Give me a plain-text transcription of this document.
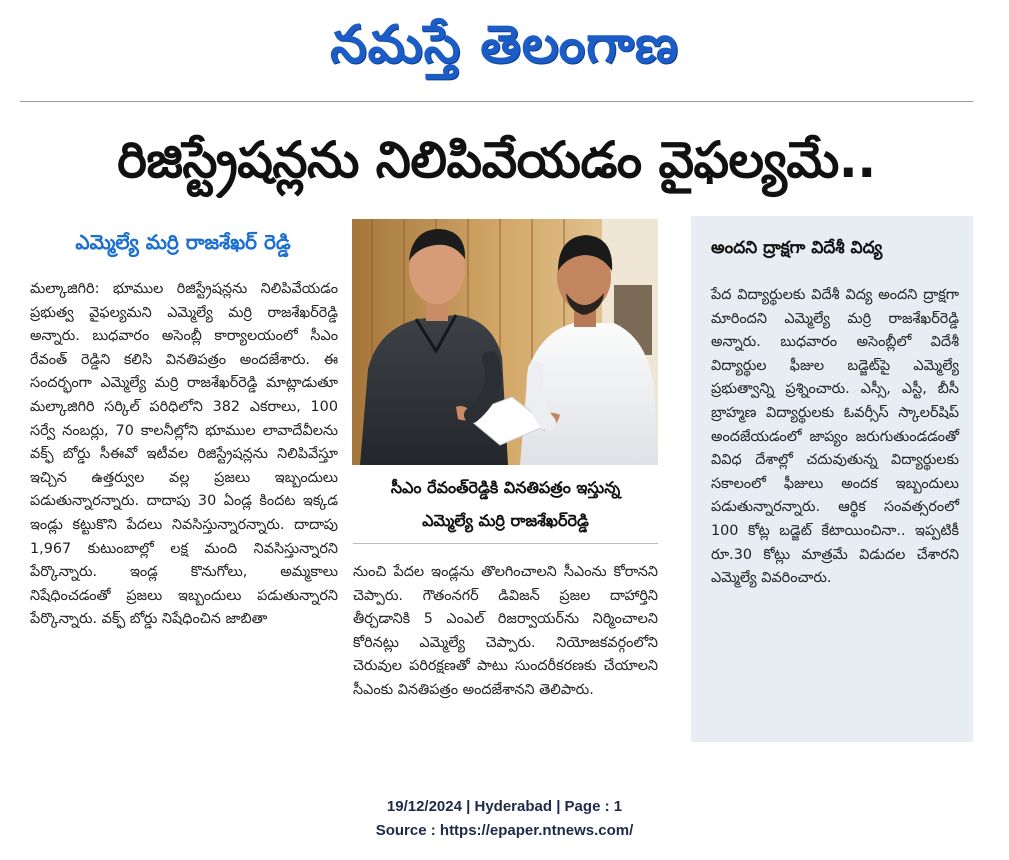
నమస్తే తెలంగాణ
రిజిస్ట్రేషన్లను నిలిపివేయడం వైఫల్యమే..
ఎమ్మెల్యే మర్రి రాజశేఖర్ రెడ్డి
మల్కాజిగిరి: భూముల రిజిస్ట్రేషన్లను నిలిపివేయడం ప్రభుత్వ వైఫల్యమని ఎమ్మెల్యే మర్రి రాజశేఖర్‌రెడ్డి అన్నారు. బుధవారం అసెంబ్లీ కార్యాలయంలో సీఎం రేవంత్ రెడ్డిని కలిసి వినతిపత్రం అందజేశారు. ఈ సందర్భంగా ఎమ్మెల్యే మర్రి రాజశేఖర్‌రెడ్డి మాట్లాడుతూ మల్కాజిగిరి సర్కిల్ పరిధిలోని 382 ఎకరాలు, 100 సర్వే నంబర్లు, 70 కాలనీల్లోని భూముల లావాదేవీలను వక్ఫ్ బోర్డు సీఈవో ఇటీవల రిజిస్ట్రేషన్లను నిలిపివేస్తూ ఇచ్చిన ఉత్తర్వుల వల్ల ప్రజలు ఇబ్బందులు పడుతున్నారన్నారు. దాదాపు 30 ఏండ్ల కిందట ఇక్కడ ఇండ్లు కట్టుకొని పేదలు నివసిస్తున్నారన్నారు. దాదాపు 1,967 కుటుంబాల్లో లక్ష మంది నివసిస్తున్నారని పేర్కొన్నారు. ఇండ్ల కొనుగోలు, అమ్మకాలు నిషేధించడంతో ప్రజలు ఇబ్బందులు పడుతున్నారని పేర్కొన్నారు. వక్ఫ్ బోర్డు నిషేధించిన జాబితా
సీఎం రేవంత్‌రెడ్డికి వినతిపత్రం ఇస్తున్న
ఎమ్మెల్యే మర్రి రాజశేఖర్‌రెడ్డి
నుంచి పేదల ఇండ్లను తొలగించాలని సీఎంను కోరానని చెప్పారు. గౌతంనగర్ డివిజన్ ప్రజల దాహార్తిని తీర్చడానికి 5 ఎంఎల్ రిజర్వాయర్‌ను నిర్మించాలని కోరినట్లు ఎమ్మెల్యే చెప్పారు. నియోజకవర్గంలోని చెరువుల పరిరక్షణతో పాటు సుందరీకరణకు చేయాలని సీఎంకు వినతిపత్రం అందజేశానని తెలిపారు.
అందని ద్రాక్షగా విదేశీ విద్య
పేద విద్యార్థులకు విదేశీ విద్య అందని ద్రాక్షగా మారిందని ఎమ్మెల్యే మర్రి రాజశేఖర్‌రెడ్డి అన్నారు. బుధవారం అసెంబ్లీలో విదేశీ విద్యార్థుల ఫీజుల బడ్జెట్‌పై ఎమ్మెల్యే ప్రభుత్వాన్ని ప్రశ్నించారు. ఎస్సీ, ఎస్టీ, బీసీ బ్రాహ్మణ విద్యార్థులకు ఓవర్సీస్ స్కాలర్‌షిప్ అందజేయడంలో జాప్యం జరుగుతుండడంతో వివిధ దేశాల్లో చదువుతున్న విద్యార్థులకు సకాలంలో ఫీజులు అందక ఇబ్బందులు పడుతున్నారన్నారు. ఆర్థిక సంవత్సరంలో 100 కోట్ల బడ్జెట్ కేటాయించినా.. ఇప్పటికీ రూ.30 కోట్లు మాత్రమే విడుదల చేశారని ఎమ్మెల్యే వివరించారు.
19/12/2024 | Hyderabad | Page : 1
Source : https://epaper.ntnews.com/
